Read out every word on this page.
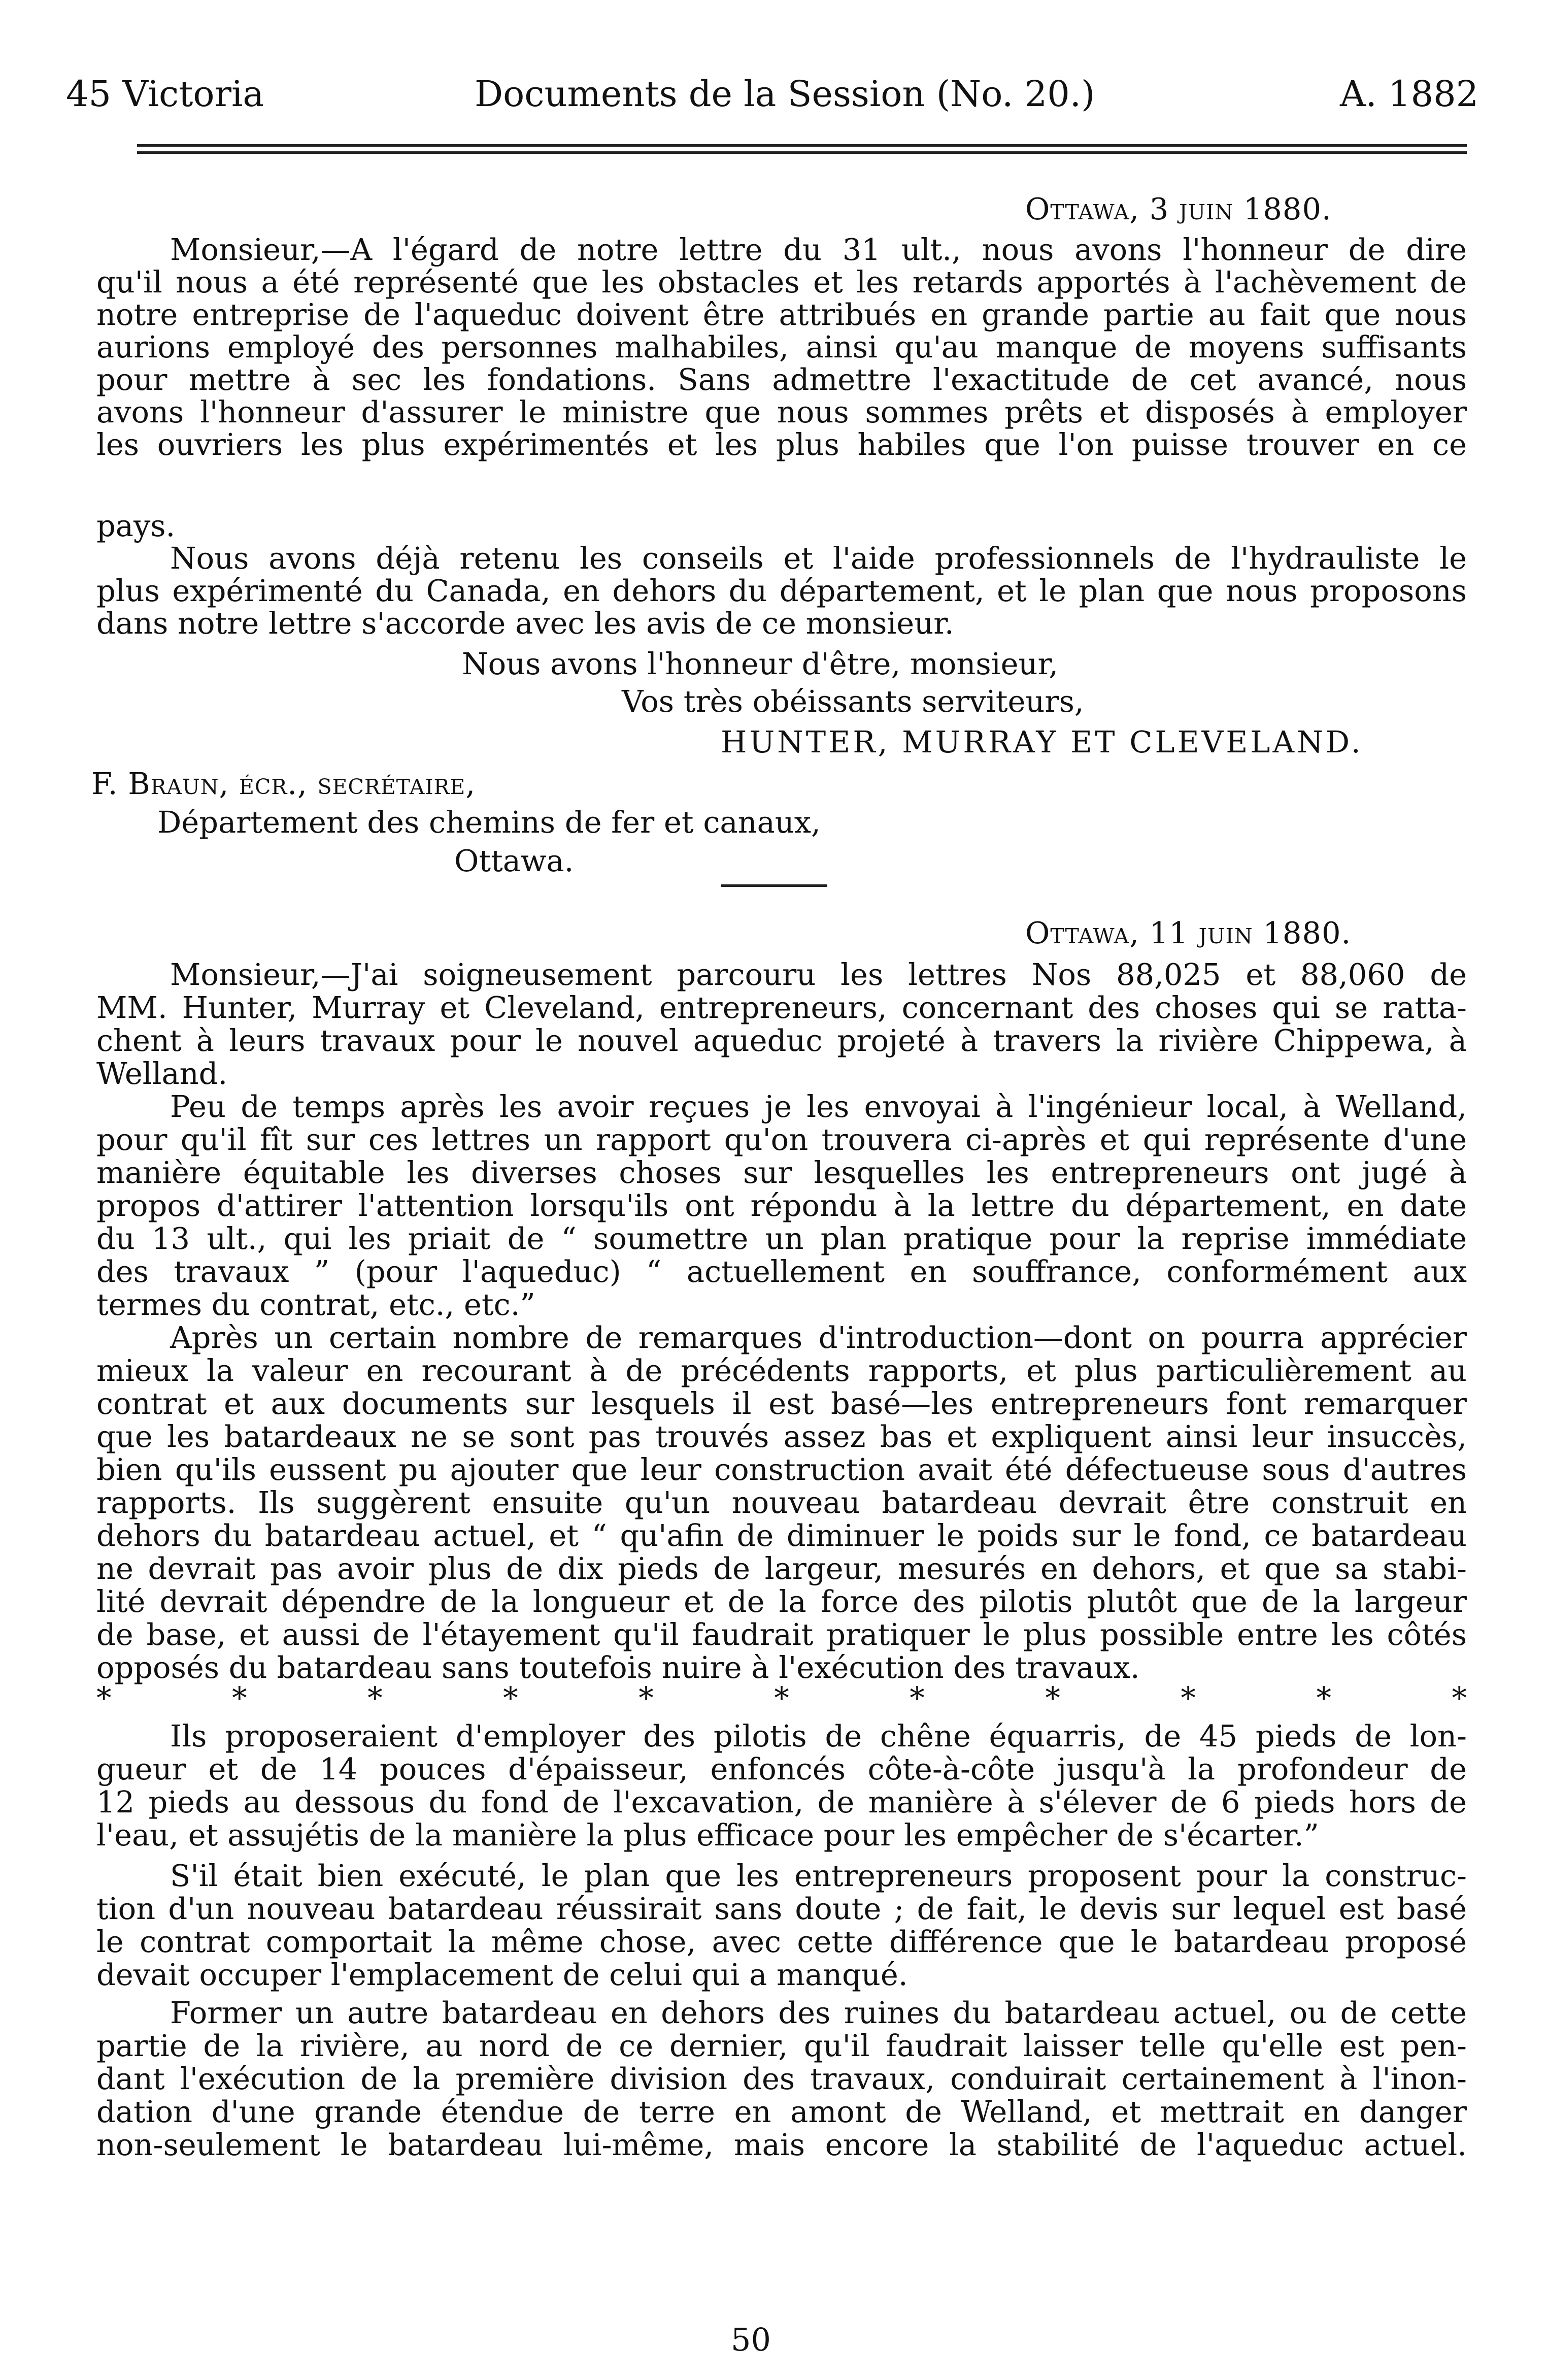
45 Victoria	Documents de la Session (No. 20.)	A. 1882
Ottawa, 3 juin 1880.
Monsieur,—A l'égard de notre lettre du 31 ult., nous avons l'honneur de dire
qu'il nous a été représenté que les obstacles et les retards apportés à l'achèvement de
notre entreprise de l'aqueduc doivent être attribués en grande partie au fait que nous
aurions employé des personnes malhabiles, ainsi qu'au manque de moyens suffisants
pour mettre à sec les fondations. Sans admettre l'exactitude de cet avancé, nous
avons l'honneur d'assurer le ministre que nous sommes prêts et disposés à employer
les ouvriers les plus expérimentés et les plus habiles que l'on puisse trouver en ce
pays.
Nous avons déjà retenu les conseils et l'aide professionnels de l'hydrauliste le
plus expérimenté du Canada, en dehors du département, et le plan que nous proposons
dans notre lettre s'accorde avec les avis de ce monsieur.
Nous avons l'honneur d'être, monsieur,
Vos très obéissants serviteurs,
HUNTER, MURRAY ET CLEVELAND.
F. Braun, écr., secrétaire,
Département des chemins de fer et canaux,
Ottawa.
Ottawa, 11 juin 1880.
Monsieur,—J'ai soigneusement parcouru les lettres Nos 88,025 et 88,060 de
MM. Hunter, Murray et Cleveland, entrepreneurs, concernant des choses qui se ratta-
chent à leurs travaux pour le nouvel aqueduc projeté à travers la rivière Chippewa, à
Welland.
Peu de temps après les avoir reçues je les envoyai à l'ingénieur local, à Welland,
pour qu'il fît sur ces lettres un rapport qu'on trouvera ci-après et qui représente d'une
manière équitable les diverses choses sur lesquelles les entrepreneurs ont jugé à
propos d'attirer l'attention lorsqu'ils ont répondu à la lettre du département, en date
du 13 ult., qui les priait de “ soumettre un plan pratique pour la reprise immédiate
des travaux ” (pour l'aqueduc) “ actuellement en souffrance, conformément aux
termes du contrat, etc., etc.”
Après un certain nombre de remarques d'introduction—dont on pourra apprécier
mieux la valeur en recourant à de précédents rapports, et plus particulièrement au
contrat et aux documents sur lesquels il est basé—les entrepreneurs font remarquer
que les batardeaux ne se sont pas trouvés assez bas et expliquent ainsi leur insuccès,
bien qu'ils eussent pu ajouter que leur construction avait été défectueuse sous d'autres
rapports. Ils suggèrent ensuite qu'un nouveau batardeau devrait être construit en
dehors du batardeau actuel, et “ qu'afin de diminuer le poids sur le fond, ce batardeau
ne devrait pas avoir plus de dix pieds de largeur, mesurés en dehors, et que sa stabi-
lité devrait dépendre de la longueur et de la force des pilotis plutôt que de la largeur
de base, et aussi de l'étayement qu'il faudrait pratiquer le plus possible entre les côtés
opposés du batardeau sans toutefois nuire à l'exécution des travaux.
* * * * * * * * * * *
Ils proposeraient d'employer des pilotis de chêne équarris, de 45 pieds de lon-
gueur et de 14 pouces d'épaisseur, enfoncés côte-à-côte jusqu'à la profondeur de
12 pieds au dessous du fond de l'excavation, de manière à s'élever de 6 pieds hors de
l'eau, et assujétis de la manière la plus efficace pour les empêcher de s'écarter.”
S'il était bien exécuté, le plan que les entrepreneurs proposent pour la construc-
tion d'un nouveau batardeau réussirait sans doute ; de fait, le devis sur lequel est basé
le contrat comportait la même chose, avec cette différence que le batardeau proposé
devait occuper l'emplacement de celui qui a manqué.
Former un autre batardeau en dehors des ruines du batardeau actuel, ou de cette
partie de la rivière, au nord de ce dernier, qu'il faudrait laisser telle qu'elle est pen-
dant l'exécution de la première division des travaux, conduirait certainement à l'inon-
dation d'une grande étendue de terre en amont de Welland, et mettrait en danger
non-seulement le batardeau lui-même, mais encore la stabilité de l'aqueduc actuel.
50
